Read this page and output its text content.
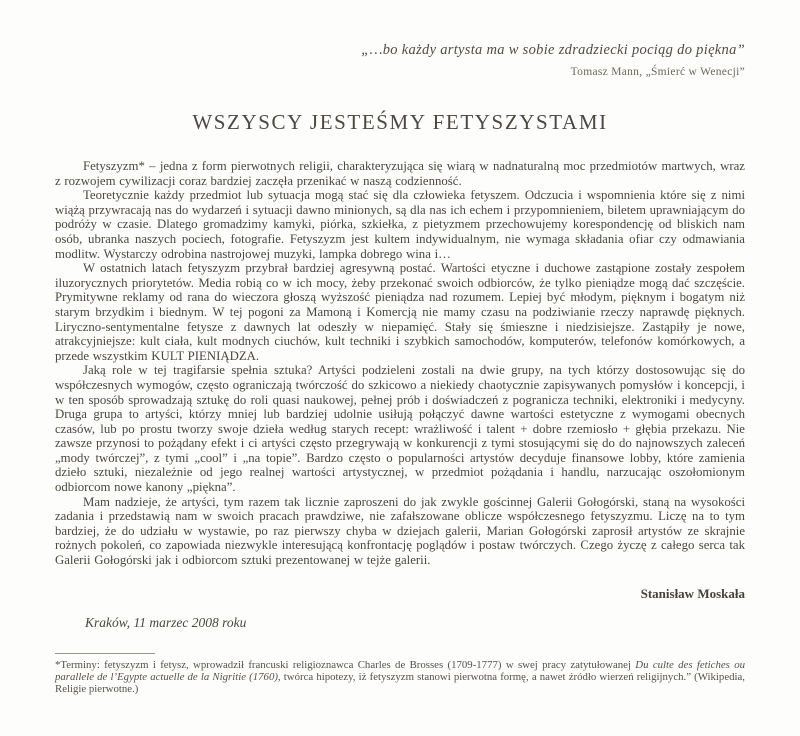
„…bo każdy artysta ma w sobie zdradziecki pociąg do piękna”
Tomasz Mann, „Śmierć w Wenecji”
WSZYSCY JESTEŚMY FETYSZYSTAMI

Fetyszyzm* – jedna z form pierwotnych religii, charakteryzująca się wiarą w nadnaturalną moc przedmiotów martwych, wraz z rozwojem cywilizacji coraz bardziej zaczęła przenikać w naszą codzienność.

Teoretycznie każdy przedmiot lub sytuacja mogą stać się dla człowieka fetyszem. Odczucia i wspomnienia które się z nimi wiążą przywracają nas do wydarzeń i sytuacji dawno minionych, są dla nas ich echem i przypomnieniem, biletem uprawniającym do podróży w czasie. Dlatego gromadzimy kamyki, piórka, szkiełka, z pietyzmem przechowujemy korespondencję od bliskich nam osób, ubranka naszych pociech, fotografie. Fetyszyzm jest kultem indywidualnym, nie wymaga składania ofiar czy odmawiania modlitw. Wystarczy odrobina nastrojowej muzyki, lampka dobrego wina i…

W ostatnich latach fetyszyzm przybrał bardziej agresywną postać. Wartości etyczne i duchowe zastąpione zostały zespołem iluzorycznych priorytetów. Media robią co w ich mocy, żeby przekonać swoich odbiorców, że tylko pieniądze mogą dać szczęście. Prymitywne reklamy od rana do wieczora głoszą wyższość pieniądza nad rozumem. Lepiej być młodym, pięknym i bogatym niż starym brzydkim i biednym. W tej pogoni za Mamoną i Komercją nie mamy czasu na podziwianie rzeczy naprawdę pięknych. Liryczno-sentymentalne fetysze z dawnych lat odeszły w niepamięć. Stały się śmieszne i niedzisiejsze. Zastąpiły je nowe, atrakcyjniejsze: kult ciała, kult modnych ciuchów, kult techniki i szybkich samochodów, komputerów, telefonów komórkowych, a przede wszystkim KULT PIENIĄDZA.

Jaką role w tej tragifarsie spełnia sztuka? Artyści podzieleni zostali na dwie grupy, na tych którzy dostosowując się do współczesnych wymogów, często ograniczają twórczość do szkicowo a niekiedy chaotycznie zapisywanych pomysłów i koncepcji, i w ten sposób sprowadzają sztukę do roli quasi naukowej, pełnej prób i doświadczeń z pogranicza techniki, elektroniki i medycyny. Druga grupa to artyści, którzy mniej lub bardziej udolnie usiłują połączyć dawne wartości estetyczne z wymogami obecnych czasów, lub po prostu tworzy swoje dzieła według starych recept: wrażliwość i talent + dobre rzemiosło + głębia przekazu. Nie zawsze przynosi to pożądany efekt i ci artyści często przegrywają w konkurencji z tymi stosującymi się do do najnowszych zaleceń „mody twórczej”, z tymi „cool” i „na topie”. Bardzo często o popularności artystów decyduje finansowe lobby, które zamienia dzieło sztuki, niezależnie od jego realnej wartości artystycznej, w przedmiot pożądania i handlu, narzucając oszołomionym odbiorcom nowe kanony „piękna”.

Mam nadzieje, że artyści, tym razem tak licznie zaproszeni do jak zwykle gościnnej Galerii Gołogórski, staną na wysokości zadania i przedstawią nam w swoich pracach prawdziwe, nie zafałszowane oblicze współczesnego fetyszyzmu. Liczę na to tym bardziej, że do udziału w wystawie, po raz pierwszy chyba w dziejach galerii, Marian Gołogórski zaprosił artystów ze skrajnie rożnych pokoleń, co zapowiada niezwykle interesującą konfrontację poglądów i postaw twórczych. Czego życzę z całego serca tak Galerii Gołogórski jak i odbiorcom sztuki prezentowanej w tejże galerii.

Stanisław Moskała
Kraków, 11 marzec 2008 roku

*Terminy: fetyszyzm i fetysz, wprowadził francuski religioznawca Charles de Brosses (1709-1777) w swej pracy zatytułowanej Du culte des fetiches ou parallele de l’Egypte actuelle de la Nigritie (1760), twórca hipotezy, iż fetyszyzm stanowi pierwotna formę, a nawet źródło wierzeń religijnych.” (Wikipedia, Religie pierwotne.)
